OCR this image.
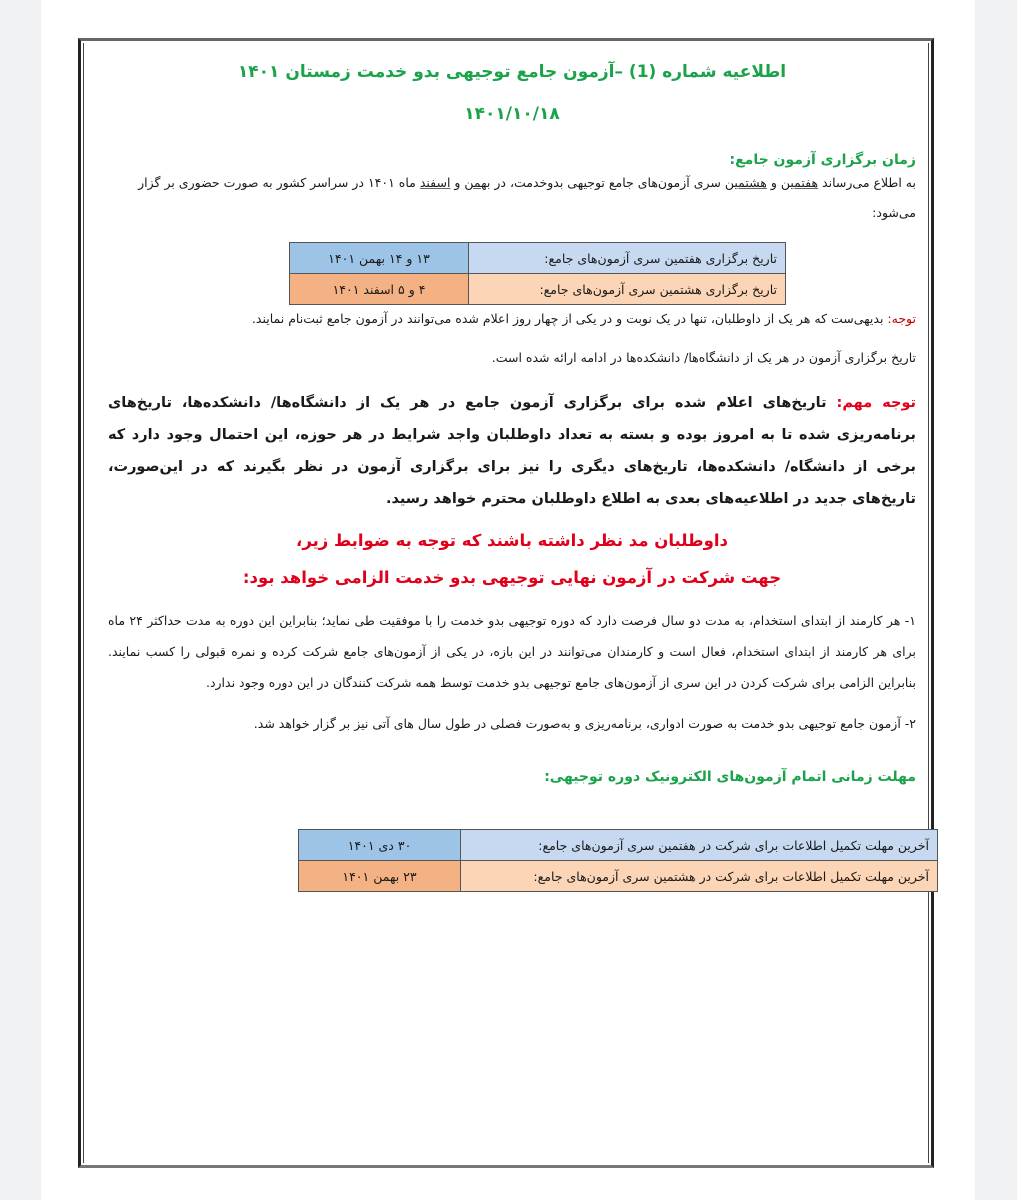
اطلاعیه شماره (1) –آزمون جامع توجیهی بدو خدمت زمستان ۱۴۰۱
۱۴۰۱/۱۰/۱۸
زمان برگزاری آزمون جامع:
به اطلاع می‌رساند هفتمین و هشتمین سری آزمون‌های جامع توجیهی بدوخدمت، در بهمن و اسفند ماه ۱۴۰۱ در سراسر کشور به صورت حضوری بر گزار می‌شود:
تاریخ برگزاری هفتمین سری آزمون‌های جامع:	۱۳ و ۱۴ بهمن ۱۴۰۱
تاریخ برگزاری هشتمین سری آزمون‌های جامع:	۴ و ۵ اسفند ۱۴۰۱
توجه: بدیهی‌ست که هر یک از داوطلبان، تنها در یک نوبت و در یکی از چهار روز اعلام شده می‌توانند در آزمون جامع ثبت‌نام نمایند.
تاریخ برگزاری آزمون در هر یک از دانشگاه‌ها/ دانشکده‌ها در ادامه ارائه شده است.
توجه مهم: تاریخ‌های اعلام شده برای برگزاری آزمون جامع در هر یک از دانشگاه‌ها/ دانشکده‌ها، تاریخ‌های برنامه‌ریزی شده تا به امروز بوده و بسته به تعداد داوطلبان واجد شرایط در هر حوزه، این احتمال وجود دارد که برخی از دانشگاه/ دانشکده‌ها، تاریخ‌های دیگری را نیز برای برگزاری آزمون در نظر بگیرند که در این‌صورت، تاریخ‌های جدید در اطلاعیه‌های بعدی به اطلاع داوطلبان محترم خواهد رسید.
داوطلبان مد نظر داشته باشند که توجه به ضوابط زیر،
جهت شرکت در آزمون نهایی توجیهی بدو خدمت الزامی خواهد بود:
۱- هر کارمند از ابتدای استخدام، به مدت دو سال فرصت دارد که دوره توجیهی بدو خدمت را با موفقیت طی نماید؛ بنابراین این دوره به مدت حداکثر ۲۴ ماه برای هر کارمند از ابتدای استخدام، فعال است و کارمندان می‌توانند در این بازه، در یکی از آزمون‌های جامع شرکت کرده و نمره قبولی را کسب نمایند. بنابراین الزامی برای شرکت کردن در این سری از آزمون‌های جامع توجیهی بدو خدمت توسط همه شرکت کنندگان در این دوره وجود ندارد.
۲- آزمون جامع توجیهی بدو خدمت به صورت ادواری، برنامه‌ریزی و به‌صورت فصلی در طول سال های آتی نیز بر گزار خواهد شد.
مهلت زمانی اتمام آزمون‌های الکترونیک دوره توجیهی:
آخرین مهلت تکمیل اطلاعات برای شرکت در هفتمین سری آزمون‌های جامع:	۳۰ دی ۱۴۰۱
آخرین مهلت تکمیل اطلاعات برای شرکت در هشتمین سری آزمون‌های جامع:	۲۳ بهمن ۱۴۰۱
